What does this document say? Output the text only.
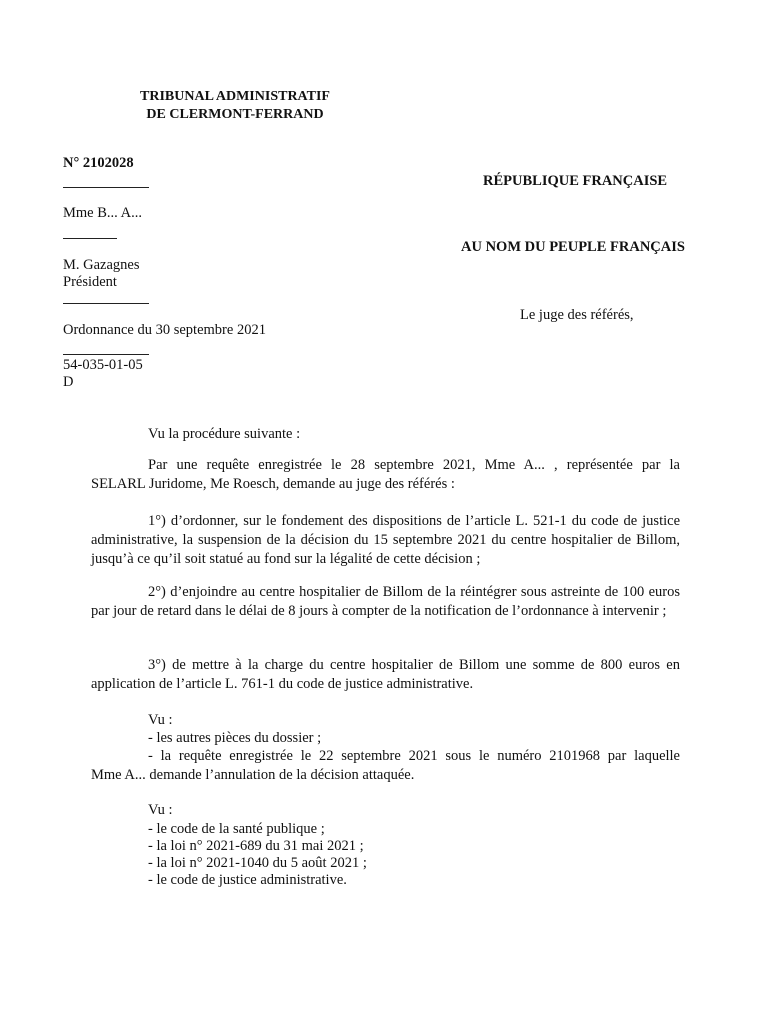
TRIBUNAL ADMINISTRATIF
DE CLERMONT-FERRAND
N° 2102028
Mme B... A...
M. Gazagnes
Président
Ordonnance du 30 septembre 2021
54-035-01-05
D
RÉPUBLIQUE FRANÇAISE
AU NOM DU PEUPLE FRANÇAIS
Le juge des référés,
Vu la procédure suivante :
Par une requête enregistrée le 28 septembre 2021, Mme A... , représentée par la
SELARL Juridome, Me Roesch, demande au juge des référés :

1°) d’ordonner, sur le fondement des dispositions de l’article L. 521-1 du code de justice administrative, la suspension de la décision du 15 septembre 2021 du centre hospitalier de Billom, jusqu’à ce qu’il soit statué au fond sur la légalité de cette décision ;

2°) d’enjoindre au centre hospitalier de Billom de la réintégrer sous astreinte de 100 euros par jour de retard dans le délai de 8 jours à compter de la notification de l’ordonnance à intervenir ;

3°) de mettre à la charge du centre hospitalier de Billom une somme de 800 euros en application de l’article L. 761-1 du code de justice administrative.

Vu :
- les autres pièces du dossier ;
- la requête enregistrée le 22 septembre 2021 sous le numéro 2101968 par laquelle
Mme A... demande l’annulation de la décision attaquée.
Vu :
- le code de la santé publique ;
- la loi n° 2021-689 du 31 mai 2021 ;
- la loi n° 2021-1040 du 5 août 2021 ;
- le code de justice administrative.
